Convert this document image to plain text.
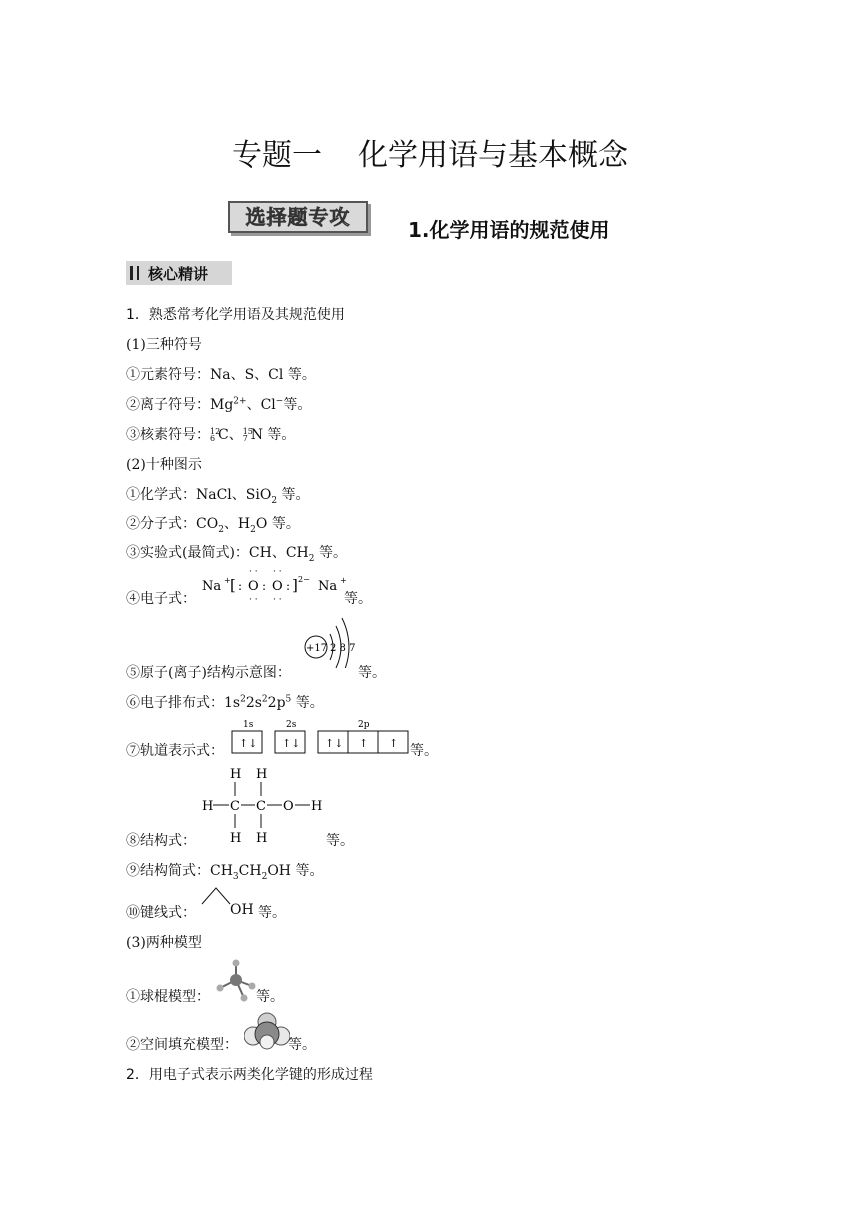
专题一 化学用语与基本概念
选择题专攻
1.化学用语的规范使用
核心精讲
1．熟悉常考化学用语及其规范使用
(1)三种符号
①元素符号：Na、S、Cl 等。
②离子符号：$Mg^{2+}$、Cl−等。
③核素符号： 12
6 C、 15
7 N 等。
(2)十种图示
①化学式：NaCl、SiO$_2$ 等。
②分子式：$CO_2$、$H_2O$ 等。
③实验式(最简式)：CH、$CH_2$ 等。
④电子式：
Na + [ : O : O : ] 2− Na +
· · · ·
· · · ·	等。
⑤原子(离子)结构示意图：
+17 2 8 7
等。
⑥电子排布式：$1s^22s^22p^5$ 等。
⑦轨道表示式：
1s	2s	2p
↑↓ ↑↓ ↑↓ ↑ ↑ 等。
H H
H C C O H
H H
⑧结构式：	等。
⑨结构简式：$CH_3CH_2OH$ 等。
⑩键线式： OH 等。
(3)两种模型
①球棍模型：	等。
②空间填充模型：	等。
2．用电子式表示两类化学键的形成过程
